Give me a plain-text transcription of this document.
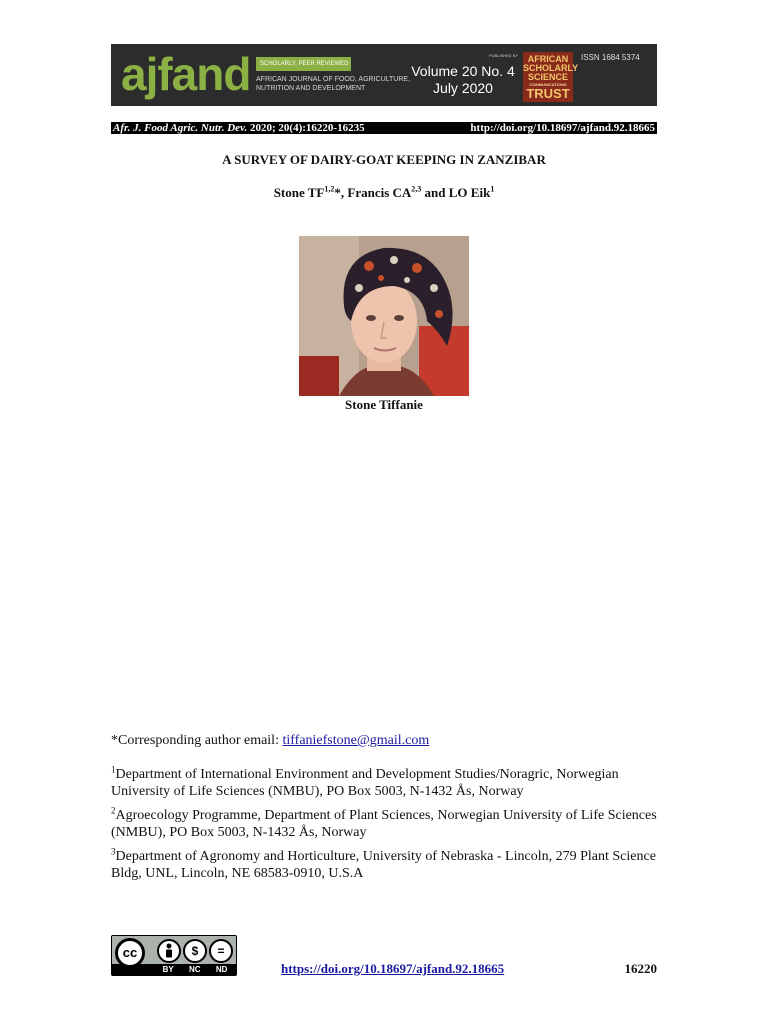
ajfand	SCHOLARLY, PEER REVIEWED
AFRICAN JOURNAL OF FOOD, AGRICULTURE, NUTRITION AND DEVELOPMENT
Volume 20 No. 4
July 2020
PUBLISHED BY	AFRICAN
SCHOLARLY
SCIENCE
COMMUNICATIONS
TRUST
ISSN 1684 5374
Afr. J. Food Agric. Nutr. Dev. 2020; 20(4):16220-16235	http://doi.org/10.18697/ajfand.92.18665
A SURVEY OF DAIRY-GOAT KEEPING IN ZANZIBAR
Stone TF$^{1,2}$*, Francis CA$^{2,3}$ and LO Eik$^1$
Stone Tiffanie
*Corresponding author email: tiffaniefstone@gmail.com
$^1$Department of International Environment and Development Studies/Noragric, Norwegian University of Life Sciences (NMBU), PO Box 5003, N-1432 Ås, Norway
$^2$Agroecology Programme, Department of Plant Sciences, Norwegian University of Life Sciences (NMBU), PO Box 5003, N-1432 Ås, Norway
$^3$Department of Agronomy and Horticulture, University of Nebraska - Lincoln, 279 Plant Science Bldg, UNL, Lincoln, NE 68583-0910, U.S.A
cc	$	=
BY NC ND	https://doi.org/10.18697/ajfand.92.18665	16220
